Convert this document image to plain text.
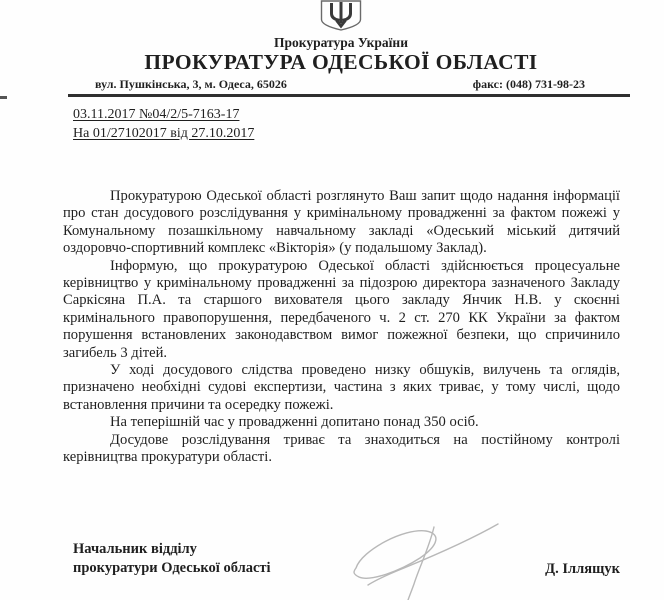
Прокуратура України
ПРОКУРАТУРА ОДЕСЬКОЇ ОБЛАСТІ
вул. Пушкінська, 3, м. Одеса, 65026	факс: (048) 731-98-23
03.11.2017 №04/2/5-7163-17
На 01/27102017 від 27.10.2017

Прокуратурою Одеської області розглянуто Ваш запит щодо надання інформації про стан досудового розслідування у кримінальному провадженні за фактом пожежі у Комунальному позашкільному навчальному закладі «Одеський міський дитячий оздоровчо-спортивний комплекс «Вікторія» (у подальшому Заклад).

Інформую, що прокуратурою Одеської області здійснюється процесуальне керівництво у кримінальному провадженні за підозрою директора зазначеного Закладу Саркісяна П.А. та старшого вихователя цього закладу Янчик Н.В. у скоєнні кримінального правопорушення, передбаченого ч. 2 ст. 270 КК України за фактом порушення встановлених законодавством вимог пожежної безпеки, що спричинило загибель 3 дітей.

У ході досудового слідства проведено низку обшуків, вилучень та оглядів, призначено необхідні судові експертизи, частина з яких триває, у тому числі, щодо встановлення причини та осередку пожежі.

На теперішній час у провадженні допитано понад 350 осіб.

Досудове розслідування триває та знаходиться на постійному контролі керівництва прокуратури області.

Начальник відділу
прокуратури Одеської області	Д. Іллящук
